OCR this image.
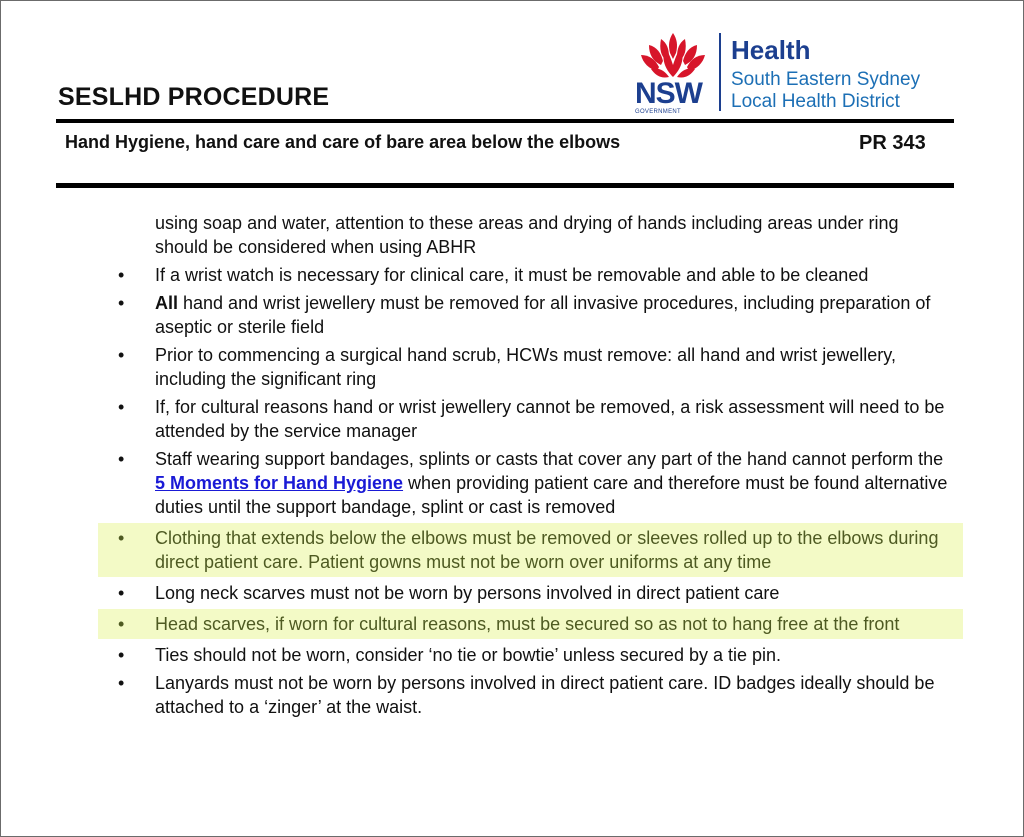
SESLHD PROCEDURE	NSW
GOVERNMENT
Health
South Eastern Sydney
Local Health District
Hand Hygiene, hand care and care of bare area below the elbows	PR 343
using soap and water, attention to these areas and drying of hands including areas under ring should be considered when using ABHR
• If a wrist watch is necessary for clinical care, it must be removable and able to be cleaned
• All hand and wrist jewellery must be removed for all invasive procedures, including preparation of aseptic or sterile field
• Prior to commencing a surgical hand scrub, HCWs must remove: all hand and wrist jewellery, including the significant ring
• If, for cultural reasons hand or wrist jewellery cannot be removed, a risk assessment will need to be attended by the service manager
• Staff wearing support bandages, splints or casts that cover any part of the hand cannot perform the 5 Moments for Hand Hygiene when providing patient care and therefore must be found alternative duties until the support bandage, splint or cast is removed
• Clothing that extends below the elbows must be removed or sleeves rolled up to the elbows during direct patient care. Patient gowns must not be worn over uniforms at any time
• Long neck scarves must not be worn by persons involved in direct patient care
• Head scarves, if worn for cultural reasons, must be secured so as not to hang free at the front
• Ties should not be worn, consider ‘no tie or bowtie’ unless secured by a tie pin.
• Lanyards must not be worn by persons involved in direct patient care. ID badges ideally should be attached to a ‘zinger’ at the waist.
